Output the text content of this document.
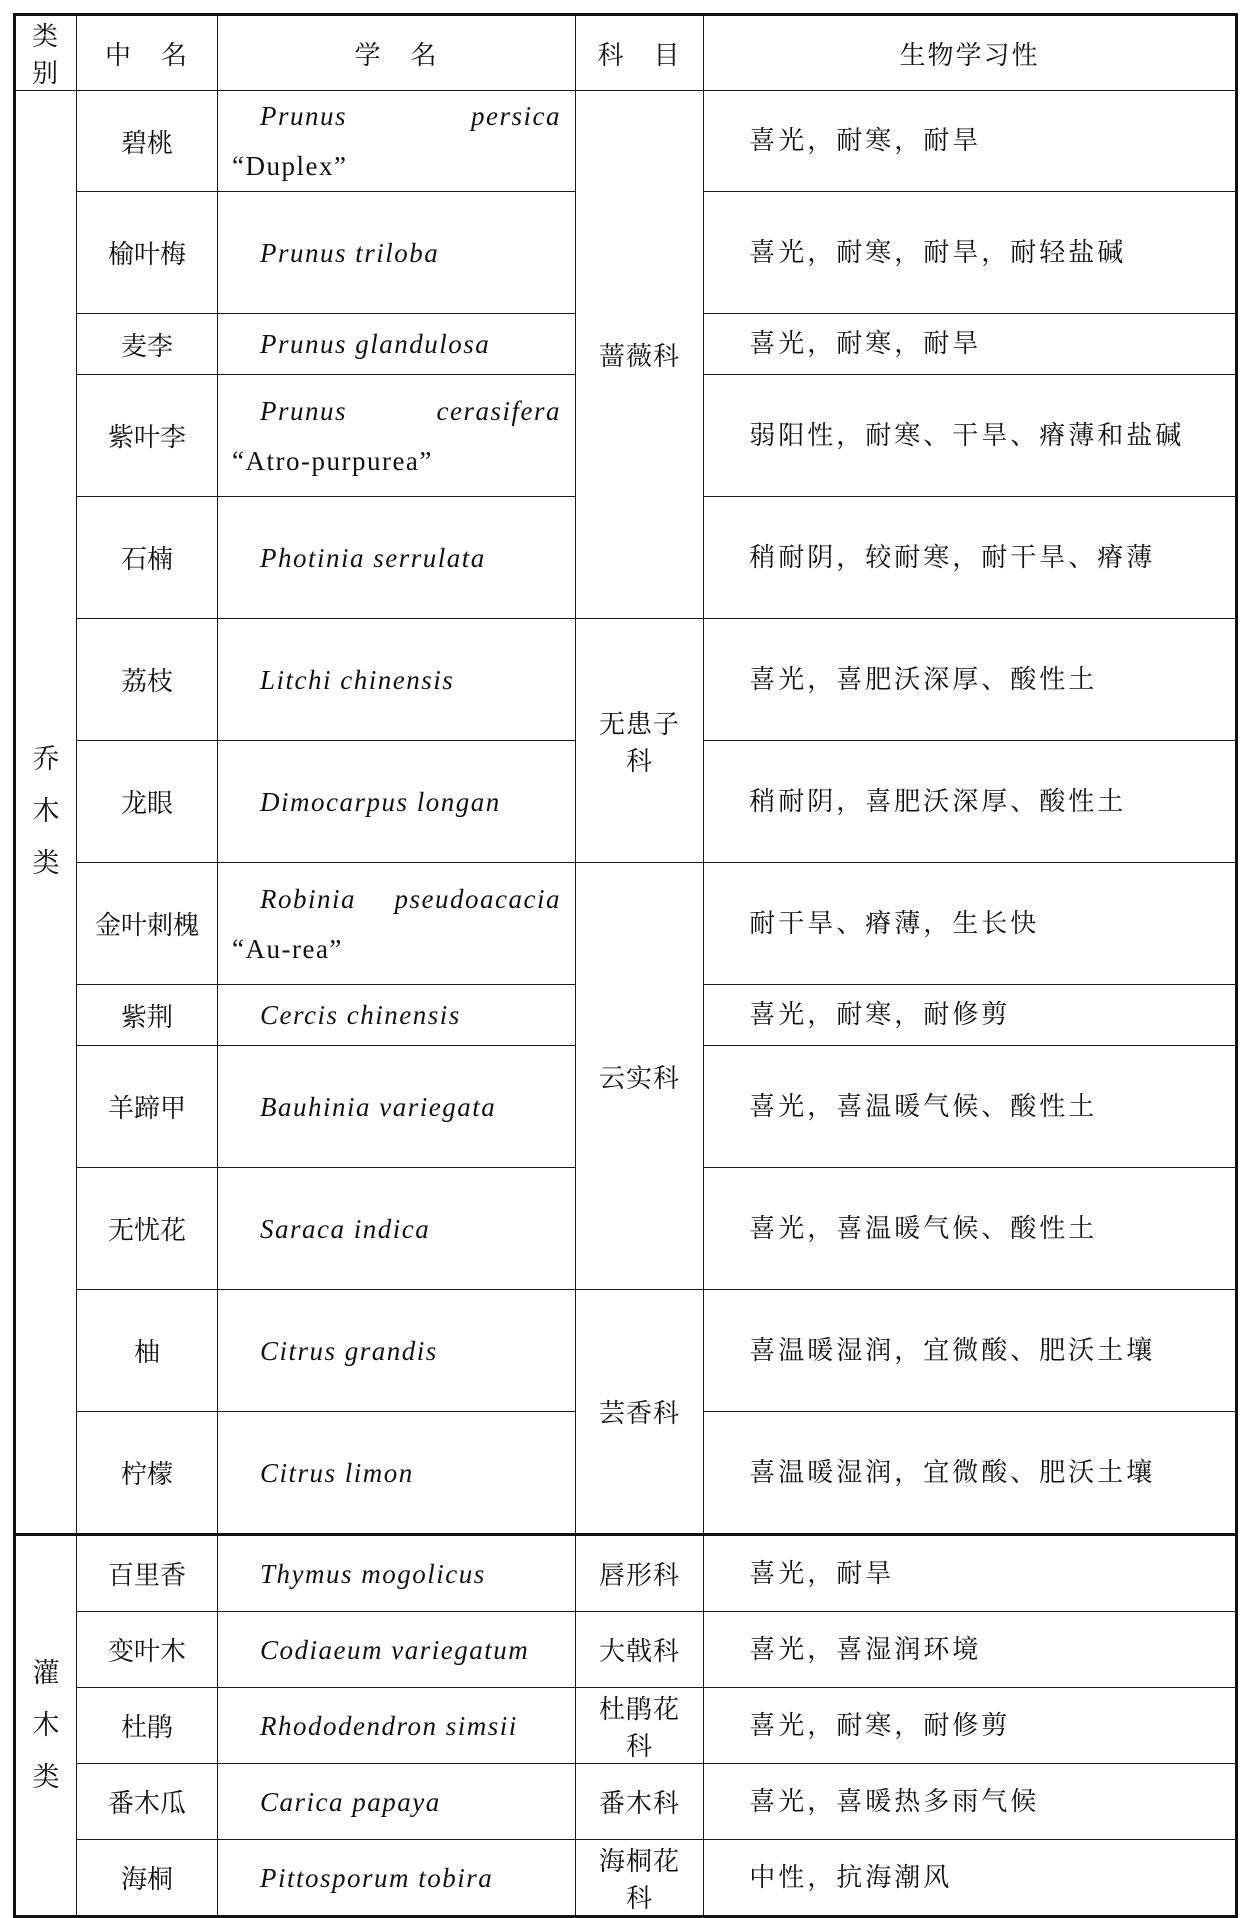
类别	中　名	学　名	科　目	生物学习性
乔木类	碧桃	Prunus persica “Duplex”	蔷薇科	喜光，耐寒，耐旱
	榆叶梅	Prunus triloba		喜光，耐寒，耐旱，耐轻盐碱
	麦李	Prunus glandulosa		喜光，耐寒，耐旱
	紫叶李	Prunus cerasifera “Atro-purpurea”		弱阳性，耐寒、干旱、瘠薄和盐碱
	石楠	Photinia serrulata		稍耐阴，较耐寒，耐干旱、瘠薄
	荔枝	Litchi chinensis	无患子科	喜光，喜肥沃深厚、酸性土
	龙眼	Dimocarpus longan		稍耐阴，喜肥沃深厚、酸性土
	金叶刺槐	Robinia pseudoacacia “Au-rea”	云实科	耐干旱、瘠薄，生长快
	紫荆	Cercis chinensis		喜光，耐寒，耐修剪
	羊蹄甲	Bauhinia variegata		喜光，喜温暖气候、酸性土
	无忧花	Saraca indica		喜光，喜温暖气候、酸性土
	柚	Citrus grandis	芸香科	喜温暖湿润，宜微酸、肥沃土壤
	柠檬	Citrus limon		喜温暖湿润，宜微酸、肥沃土壤
灌木类	百里香	Thymus mogolicus	唇形科	喜光，耐旱
	变叶木	Codiaeum variegatum	大戟科	喜光，喜湿润环境
	杜鹃	Rhododendron simsii	杜鹃花科	喜光，耐寒，耐修剪
	番木瓜	Carica papaya	番木科	喜光，喜暖热多雨气候
	海桐	Pittosporum tobira	海桐花科	中性，抗海潮风
